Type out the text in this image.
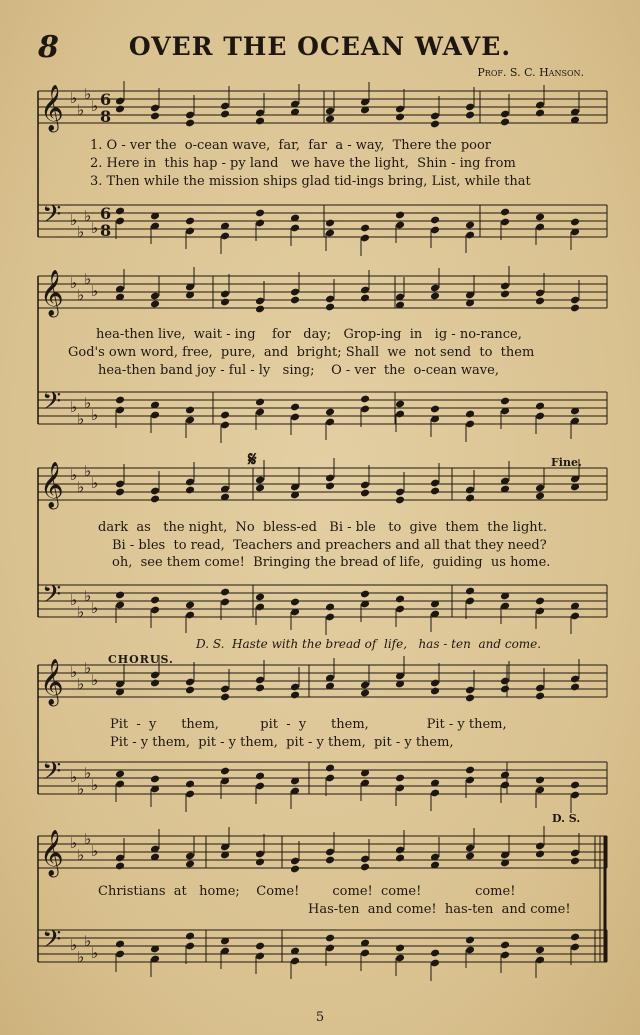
8	OVER THE OCEAN WAVE.
Prof. S. C. Hanson.
𝄞 ♭
♭
♭
♭
𝄢 ♭
♭
♭
♭
𝄞 ♭
♭
♭
♭
𝄢 ♭
♭
♭
♭
𝄞 ♭
♭
♭
♭
𝄢 ♭
♭
♭
♭
𝄞 ♭
♭
♭
♭
𝄢 ♭
♭
♭
♭
𝄞 ♭
♭
♭
♭
𝄢 ♭
♭
♭
♭
6
8
6
8
𝄋
1. O - ver the  o-cean wave,  far,  far  a - way,  There the poor
2. Here in  this hap - py land   we have the light,  Shin - ing from
3. Then while the mission ships glad tid-ings bring, List, while that
hea-then live,  wait - ing    for   day;   Grop-ing  in   ig - no-rance,
God's own word, free,  pure,  and  bright; Shall  we  not send  to  them
hea-then band joy - ful - ly   sing;    O - ver  the  o-cean wave,
Fine.
dark  as   the night,  No  bless-ed   Bi - ble   to  give  them  the light.
Bi - bles  to read,  Teachers and preachers and all that they need?
oh,  see them come!  Bringing the bread of life,  guiding  us home.
D. S.  Haste with the bread of  life,   has - ten  and come.
CHORUS.
Pit  -  y      them,          pit  -  y      them,              Pit - y them,
Pit - y them,  pit - y them,  pit - y them,  pit - y them,
D. S.
Christians  at   home;    Come!        come!  come!             come!
Has-ten  and come!  has-ten  and come!
5
